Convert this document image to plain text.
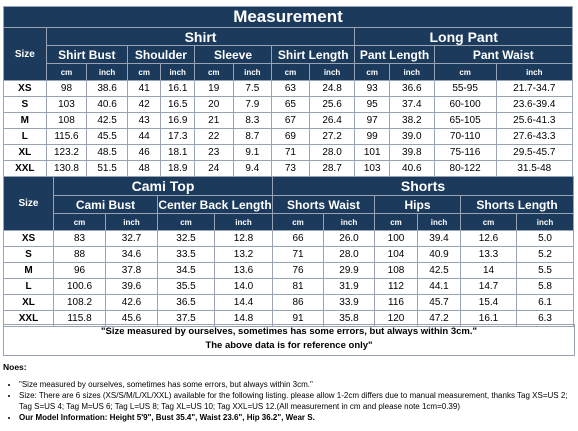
Measurement												
Size	Shirt								Long Pant			
	Shirt Bust		Shoulder		Sleeve		Shirt Length		Pant Length		Pant Waist	
	cm	inch	cm	inch	cm	inch	cm	inch	cm	inch	cm	inch
XS	98	38.6	41	16.1	19	7.5	63	24.8	93	36.6	55-95	21.7-34.7
S	103	40.6	42	16.5	20	7.9	65	25.6	95	37.4	60-100	23.6-39.4
M	108	42.5	43	16.9	21	8.3	67	26.4	97	38.2	65-105	25.6-41.3
L	115.6	45.5	44	17.3	22	8.7	69	27.2	99	39.0	70-110	27.6-43.3
XL	123.2	48.5	46	18.1	23	9.1	71	28.0	101	39.8	75-116	29.5-45.7
XXL	130.8	51.5	48	18.9	24	9.4	73	28.7	103	40.6	80-122	31.5-48
Size	Cami Top				Shorts					
	Cami Bust		Center Back Length		Shorts Waist		Hips		Shorts Length	
	cm	inch	cm	inch	cm	inch	cm	inch	cm	inch
XS	83	32.7	32.5	12.8	66	26.0	100	39.4	12.6	5.0
S	88	34.6	33.5	13.2	71	28.0	104	40.9	13.3	5.2
M	96	37.8	34.5	13.6	76	29.9	108	42.5	14	5.5
L	100.6	39.6	35.5	14.0	81	31.9	112	44.1	14.7	5.8
XL	108.2	42.6	36.5	14.4	86	33.9	116	45.7	15.4	6.1
XXL	115.8	45.6	37.5	14.8	91	35.8	120	47.2	16.1	6.3
"Size measured by ourselves, sometimes has some errors, but always within 3cm."
The above data is for reference only"
Noes:
• "Size measured by ourselves, sometimes has some errors, but always within 3cm."
• Size: There are 6 sizes (XS/S/M/L/XL/XXL) available for the following listing. please allow 1-2cm differs due to manual measurement, thanks Tag XS=US 2; Tag S=US 4; Tag M=US 6; Tag L=US 8; Tag XL=US 10; Tag XXL=US 12.(All measurement in cm and please note 1cm=0.39)
• Our Model Information: Height 5'9", Bust 35.4", Waist 23.6", Hip 36.2", Wear S.
